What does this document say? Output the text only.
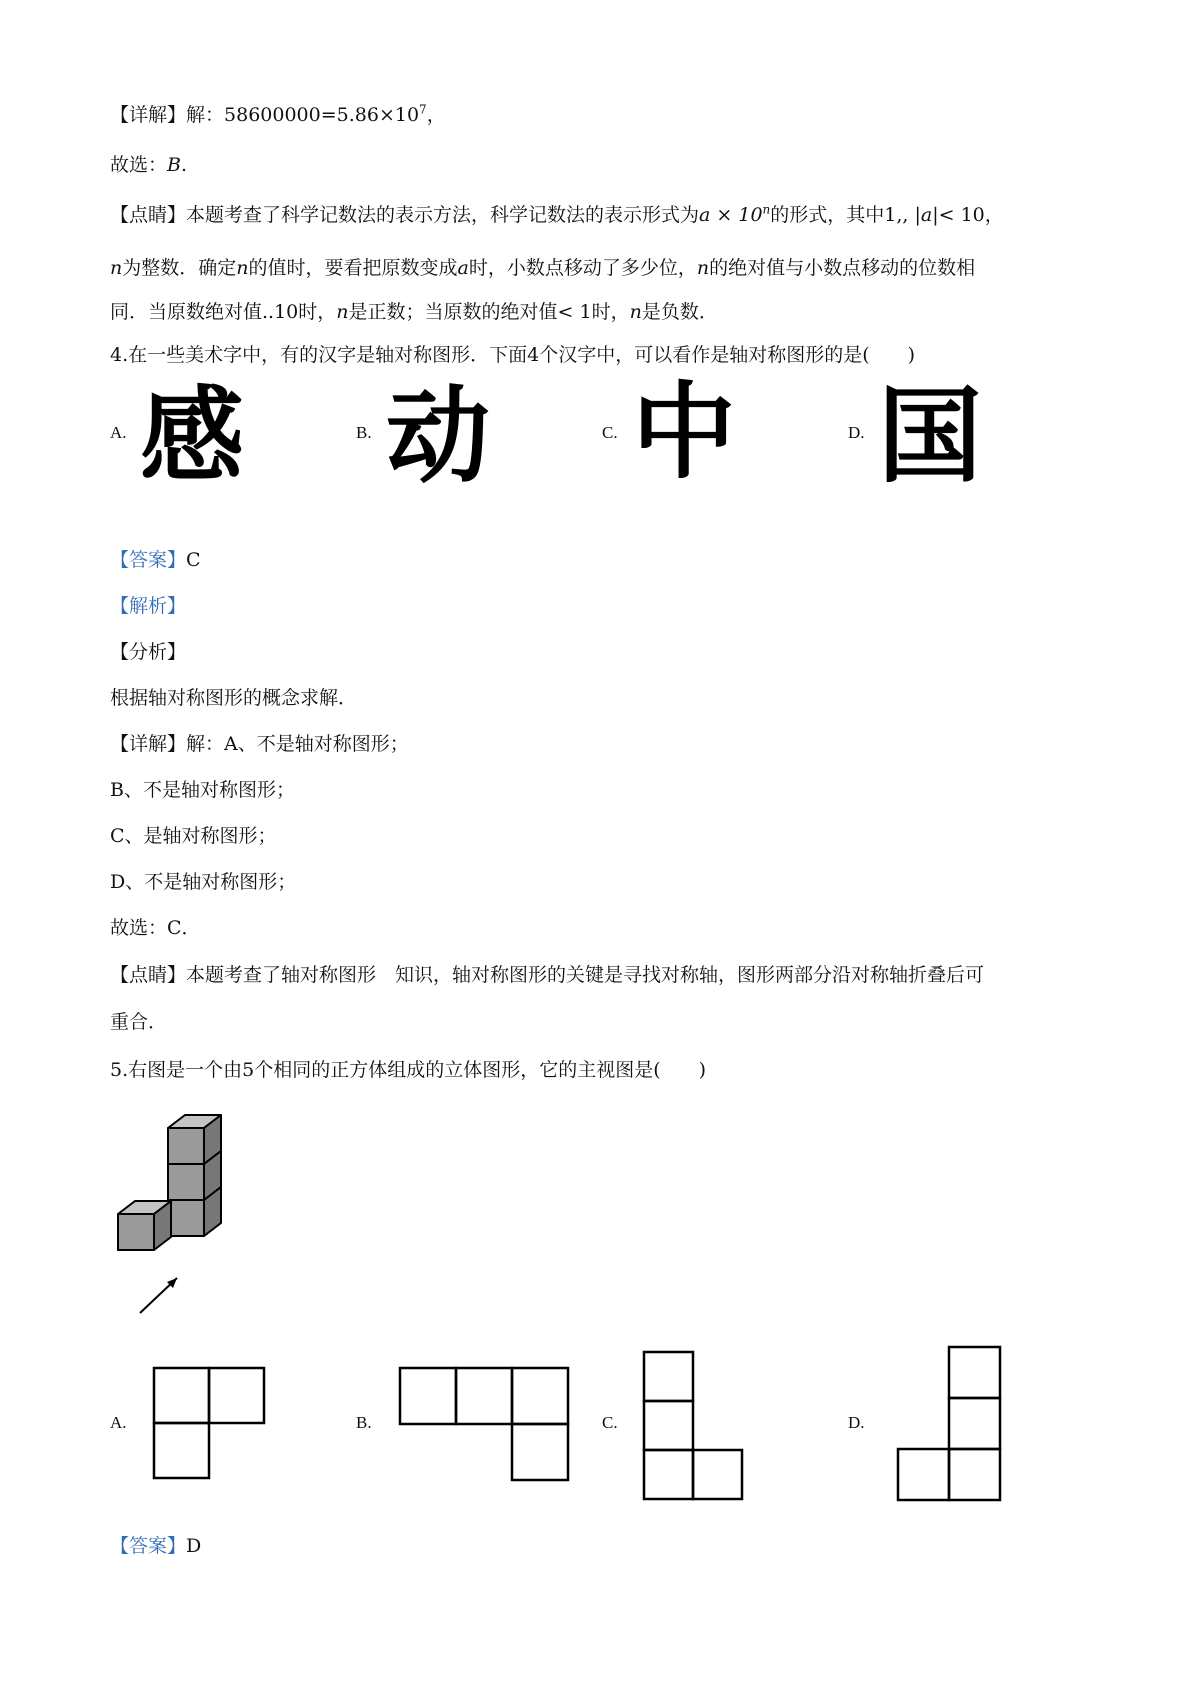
【详解】解：$58600000=5.86\times 10^7$，
故选：B.
【点睛】本题考查了科学记数法的表示方法，科学记数法的表示形式为$a \times 10^n$的形式，其中1,, |a|< 10，
n为整数．确定n的值时，要看把原数变成a时，小数点移动了多少位，n的绝对值与小数点移动的位数相
同．当原数绝对值..10时，n是正数；当原数的绝对值< 1时，n是负数．
4.在一些美术字中，有的汉字是轴对称图形．下面4个汉字中，可以看作是轴对称图形的是(　　)
A. 感	B. 动	C. 中	D. 国
【答案】C
【解析】
【分析】
根据轴对称图形的概念求解．
【详解】解：A、不是轴对称图形；
B、不是轴对称图形；
C、是轴对称图形；
D、不是轴对称图形；
故选：C．
【点睛】本题考查了轴对称图形　知识，轴对称图形的关键是寻找对称轴，图形两部分沿对称轴折叠后可
重合．
5.右图是一个由5个相同的正方体组成的立体图形，它的主视图是(　　)
A.	B.	C.	D.
【答案】D
